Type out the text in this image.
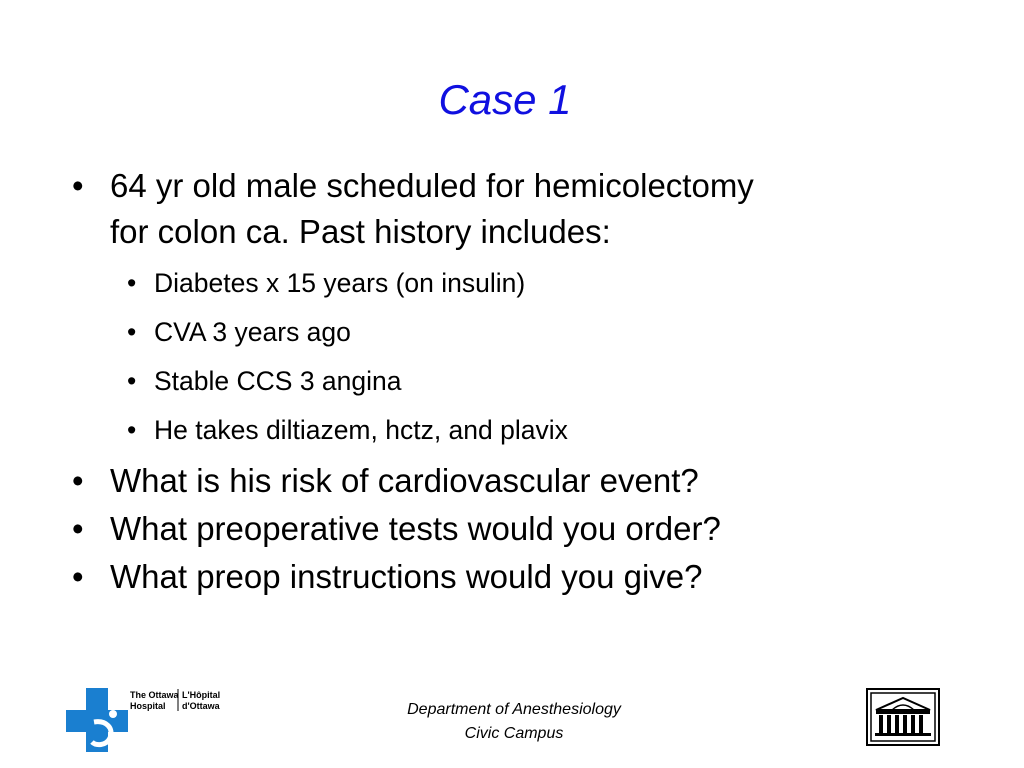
Case 1
• 64 yr old male scheduled for hemicolectomy
for colon ca. Past history includes:
• Diabetes x 15 years (on insulin)
• CVA 3 years ago
• Stable CCS 3 angina
• He takes diltiazem, hctz, and plavix
• What is his risk of cardiovascular event?
• What preoperative tests would you order?
• What preop instructions would you give?
The Ottawa
Hospital
L'Hôpital
d'Ottawa	Department of Anesthesiology
Civic Campus
